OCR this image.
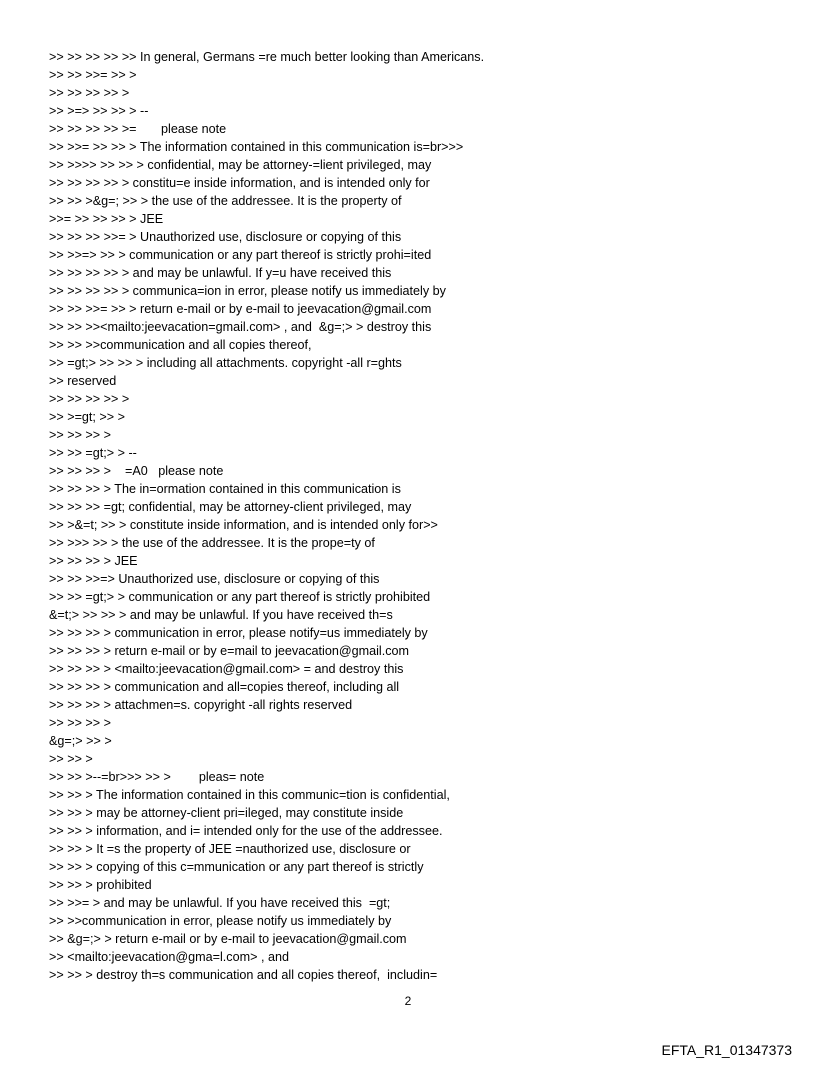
>> >> >> >> >> In general, Germans =re much better looking than Americans.
>> >> >>= >> >
>> >> >> >> >
>> >=> >> >> > --
>> >> >> >> >=       please note
>> >>= >> >> > The information contained in this communication is=br>>>
>> >>>> >> >> > confidential, may be attorney-=lient privileged, may
>> >> >> >> > constitu=e inside information, and is intended only for
>> >> >&g=; >> > the use of the addressee. It is the property of
>>= >> >> >> > JEE
>> >> >> >>= > Unauthorized use, disclosure or copying of this
>> >>=> >> > communication or any part thereof is strictly prohi=ited
>> >> >> >> > and may be unlawful. If y=u have received this
>> >> >> >> > communica=ion in error, please notify us immediately by
>> >> >>= >> > return e-mail or by e-mail to jeevacation@gmail.com
>> >> >><mailto:jeevacation=gmail.com> , and  &g=;> > destroy this
>> >> >>communication and all copies thereof,
>> =gt;> >> >> > including all attachments. copyright -all r=ghts
>> reserved
>> >> >> >> >
>> >=gt; >> >
>> >> >> >
>> >> =gt;> > --
>> >> >> >    =A0   please note
>> >> >> > The in=ormation contained in this communication is
>> >> >> =gt; confidential, may be attorney-client privileged, may
>> >&=t; >> > constitute inside information, and is intended only for>>
>> >>> >> > the use of the addressee. It is the prope=ty of
>> >> >> > JEE
>> >> >>=> Unauthorized use, disclosure or copying of this
>> >> =gt;> > communication or any part thereof is strictly prohibited
&=t;> >> >> > and may be unlawful. If you have received th=s
>> >> >> > communication in error, please notify=us immediately by
>> >> >> > return e-mail or by e=mail to jeevacation@gmail.com
>> >> >> > <mailto:jeevacation@gmail.com> = and destroy this
>> >> >> > communication and all=copies thereof, including all
>> >> >> > attachmen=s. copyright -all rights reserved
>> >> >> >
&g=;> >> >
>> >> >
>> >> >--=br>>> >> >        pleas= note
>> >> > The information contained in this communic=tion is confidential,
>> >> > may be attorney-client pri=ileged, may constitute inside
>> >> > information, and i= intended only for the use of the addressee.
>> >> > It =s the property of JEE =nauthorized use, disclosure or
>> >> > copying of this c=mmunication or any part thereof is strictly
>> >> > prohibited
>> >>= > and may be unlawful. If you have received this  =gt;
>> >>communication in error, please notify us immediately by
>> &g=;> > return e-mail or by e-mail to jeevacation@gmail.com
>> <mailto:jeevacation@gma=l.com> , and
>> >> > destroy th=s communication and all copies thereof,  includin=
2
EFTA_R1_01347373
